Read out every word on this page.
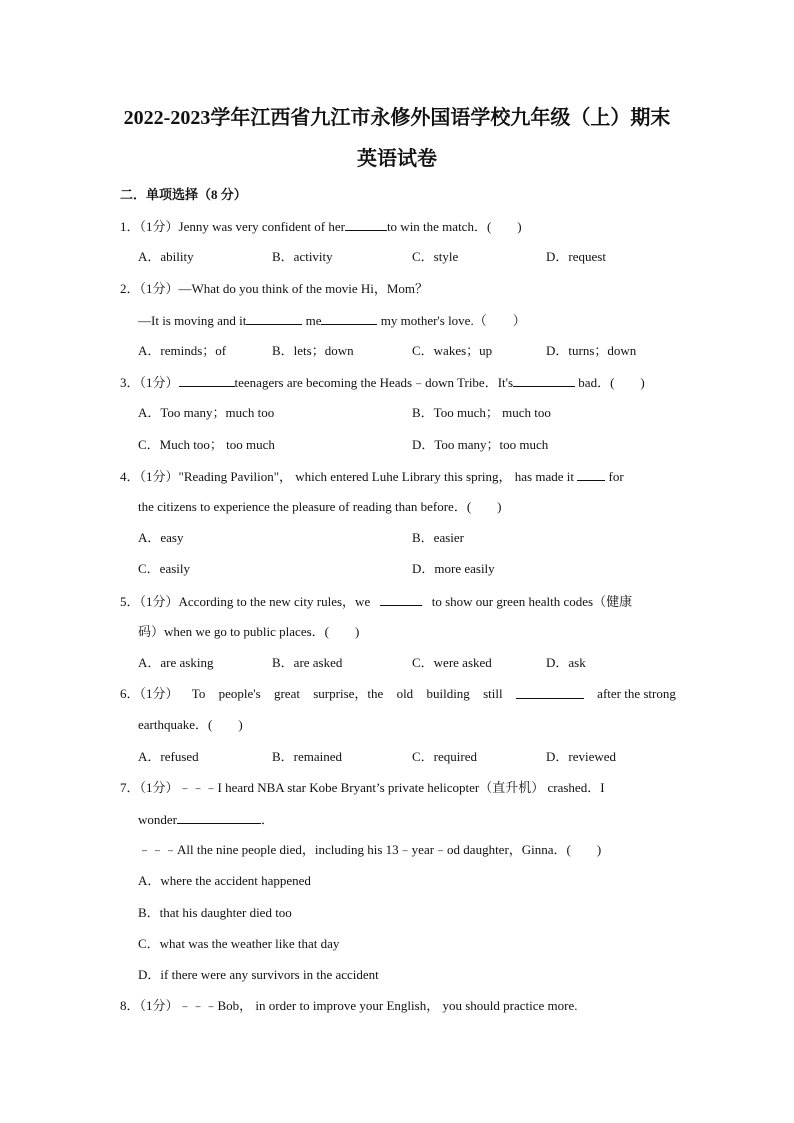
2022-2023学年江西省九江市永修外国语学校九年级（上）期末
英语试卷
二．单项选择（8 分）
1．（1分）Jenny was very confident of her	to win the match．(　　)
A．ability	B．activity	C．style	D．request
2．（1分）—What do you think of the movie Hi，Mom？
—It is moving and it	me	my mother's love.（　　）
A．reminds；of	B．lets；down	C．wakes；up	D．turns；down
3．（1分）	teenagers are becoming the Heads﹣down Tribe．It's	bad．(　　)
A．Too many；much too	B．Too much； much too
C．Much too； too much	D．Too many；too much
4．（1分）"Reading Pavilion"， which entered Luhe Library this spring， has made it	for
the citizens to experience the pleasure of reading than before．(　　)
A．easy	B．easier
C．easily	D．more easily
5．（1分）According to the new city rules，we	to show our green health codes（健康
码）when we go to public places．(　　)
A．are asking	B．are asked	C．were asked	D．ask
6．（1分） To people's great surprise，the old building still	after the strong
earthquake．(　　)
A．refused	B．remained	C．required	D．reviewed
7．（1分）﹣﹣﹣I heard NBA star Kobe Bryant’s private helicopter（直升机） crashed．I
wonder	．
﹣﹣﹣All the nine people died，including his 13﹣year﹣od daughter，Ginna．(　　)
A．where the accident happened
B．that his daughter died too
C．what was the weather like that day
D．if there were any survivors in the accident
8．（1分）﹣﹣﹣Bob， in order to improve your English， you should practice more.
